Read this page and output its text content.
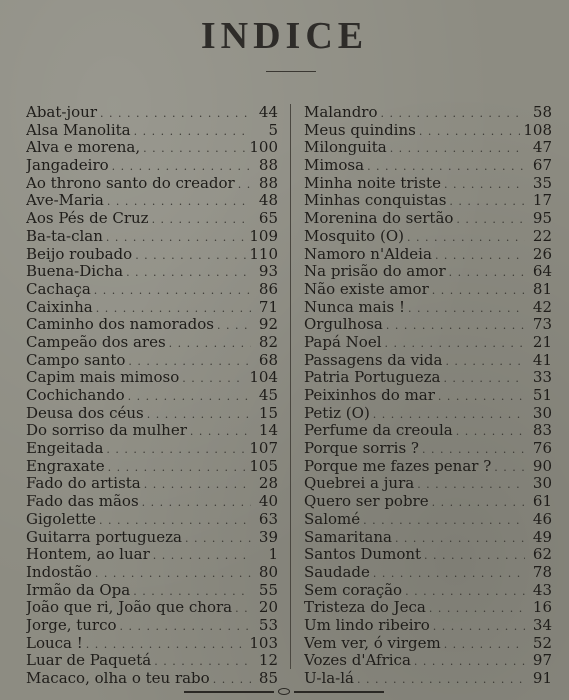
INDICE
Abat-jour . . .	44
Alsa Manolita . . .	5
Alva e morena, . . .	100
Jangadeiro . . .	88
Ao throno santo do creador . . .	88
Ave-Maria . . .	48
Aos Pés de Cruz . . .	65
Ba-ta-clan . . .	109
Beijo roubado . . .	110
Buena-Dicha . . .	93
Cachaça . . .	86
Caixinha . . .	71
Caminho dos namorados . . .	92
Campeão dos ares . . .	82
Campo santo . . .	68
Capim mais mimoso . . .	104
Cochichando . . .	45
Deusa dos céus . . .	15
Do sorriso da mulher . . .	14
Engeitada . . .	107
Engraxate . . .	105
Fado do artista . . .	28
Fado das mãos . . .	40
Gigolette . . .	63
Guitarra portugueza . . .	39
Hontem, ao luar . . .	1
Indostão . . .	80
Irmão da Opa . . .	55
João que ri, João que chora . . .	20
Jorge, turco . . .	53
Louca ! . . .	103
Luar de Paquetá . . .	12
Macaco, olha o teu rabo . . .	85
Malandro . . .	58
Meus quindins . . .	108
Milonguita . . .	47
Mimosa . . .	67
Minha noite triste . . .	35
Minhas conquistas . . .	17
Morenina do sertão . . .	95
Mosquito (O) . . .	22
Namoro n'Aldeia . . .	26
Na prisão do amor . . .	64
Não existe amor . . .	81
Nunca mais ! . . .	42
Orgulhosa . . .	73
Papá Noel . . .	21
Passagens da vida . . .	41
Patria Portugueza . . .	33
Peixinhos do mar . . .	51
Petiz (O) . . .	30
Perfume da creoula . . .	83
Porque sorris ? . . .	76
Porque me fazes penar ? . . .	90
Quebrei a jura . . .	30
Quero ser pobre . . .	61
Salomé . . .	46
Samaritana . . .	49
Santos Dumont . . .	62
Saudade . . .	78
Sem coração . . .	43
Tristeza do Jeca . . .	16
Um lindo ribeiro . . .	34
Vem ver, ó virgem . . .	52
Vozes d'Africa . . .	97
U-la-lá . . .	91
